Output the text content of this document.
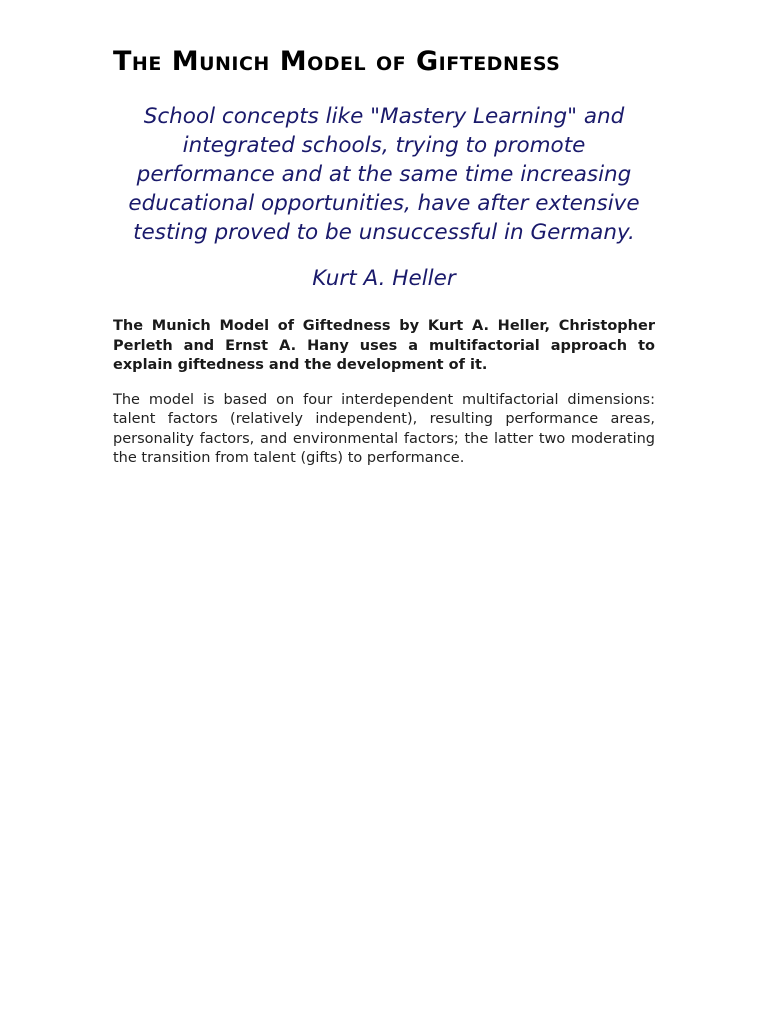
The Munich Model of Giftedness

School concepts like "Mastery Learning" and integrated schools, trying to promote performance and at the same time increasing educational opportunities, have after extensive testing proved to be unsuccessful in Germany.

Kurt A. Heller

The Munich Model of Giftedness by Kurt A. Heller, Christopher Perleth and Ernst A. Hany uses a multifactorial approach to explain giftedness and the development of it.

The model is based on four interdependent multifactorial dimensions: talent factors (relatively independent), resulting performance areas, personality factors, and environmental factors; the latter two moderating the transition from talent (gifts) to performance.
